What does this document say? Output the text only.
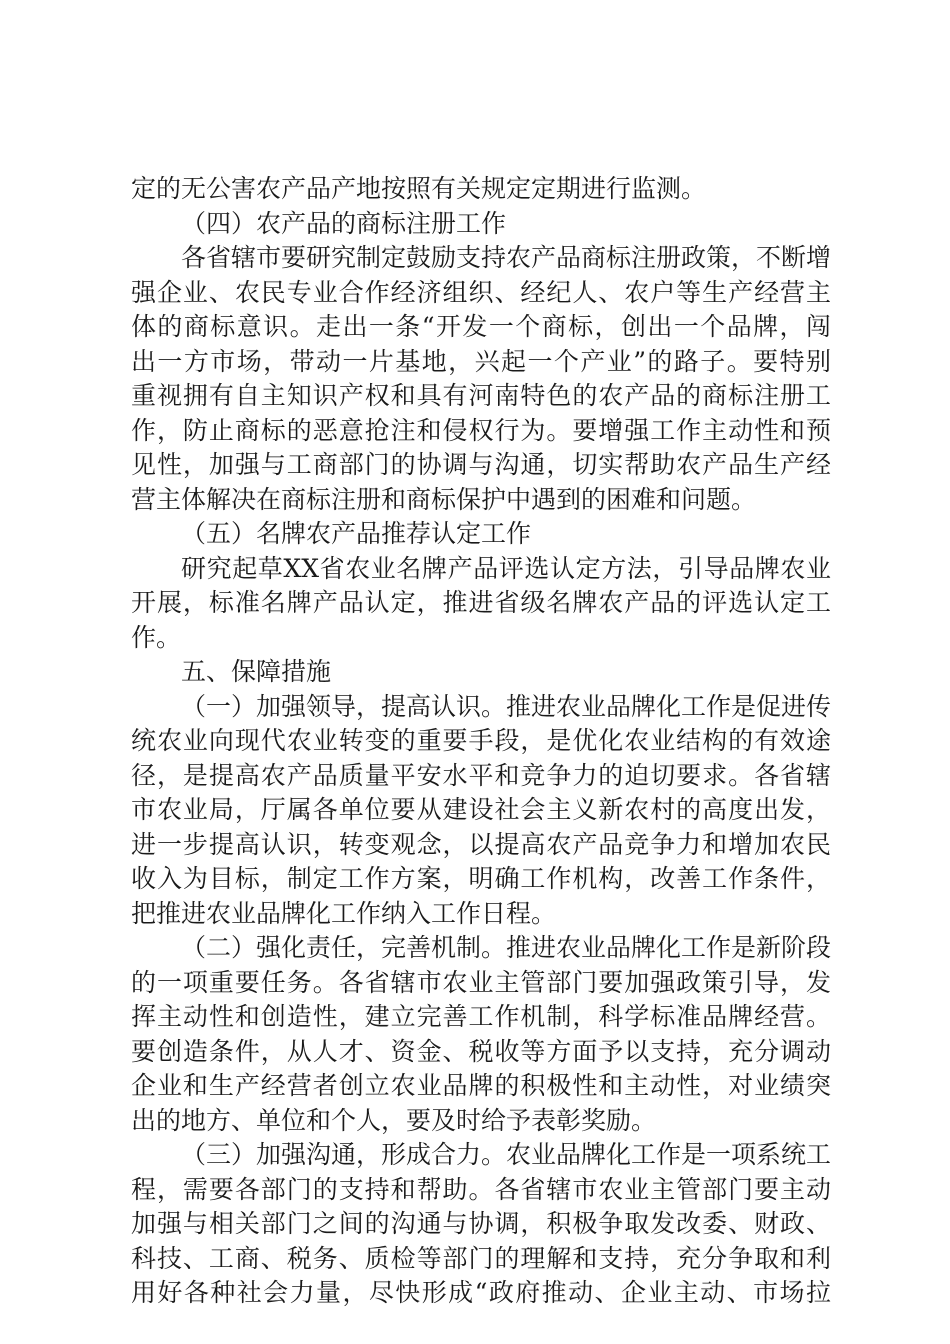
定的无公害农产品产地按照有关规定定期进行监测。
（四）农产品的商标注册工作
各省辖市要研究制定鼓励支持农产品商标注册政策，不断增
强企业、农民专业合作经济组织、经纪人、农户等生产经营主
体的商标意识。走出一条“开发一个商标，创出一个品牌，闯
出一方市场，带动一片基地，兴起一个产业”的路子。要特别
重视拥有自主知识产权和具有河南特色的农产品的商标注册工
作，防止商标的恶意抢注和侵权行为。要增强工作主动性和预
见性，加强与工商部门的协调与沟通，切实帮助农产品生产经
营主体解决在商标注册和商标保护中遇到的困难和问题。
（五）名牌农产品推荐认定工作
研究起草XX省农业名牌产品评选认定方法，引导品牌农业
开展，标准名牌产品认定，推进省级名牌农产品的评选认定工
作。
五、保障措施
（一）加强领导，提高认识。推进农业品牌化工作是促进传
统农业向现代农业转变的重要手段，是优化农业结构的有效途
径，是提高农产品质量平安水平和竞争力的迫切要求。各省辖
市农业局，厅属各单位要从建设社会主义新农村的高度出发，
进一步提高认识，转变观念，以提高农产品竞争力和增加农民
收入为目标，制定工作方案，明确工作机构，改善工作条件，
把推进农业品牌化工作纳入工作日程。
（二）强化责任，完善机制。推进农业品牌化工作是新阶段
的一项重要任务。各省辖市农业主管部门要加强政策引导，发
挥主动性和创造性，建立完善工作机制，科学标准品牌经营。
要创造条件，从人才、资金、税收等方面予以支持，充分调动
企业和生产经营者创立农业品牌的积极性和主动性，对业绩突
出的地方、单位和个人，要及时给予表彰奖励。
（三）加强沟通，形成合力。农业品牌化工作是一项系统工
程，需要各部门的支持和帮助。各省辖市农业主管部门要主动
加强与相关部门之间的沟通与协调，积极争取发改委、财政、
科技、工商、税务、质检等部门的理解和支持，充分争取和利
用好各种社会力量，尽快形成“政府推动、企业主动、市场拉
